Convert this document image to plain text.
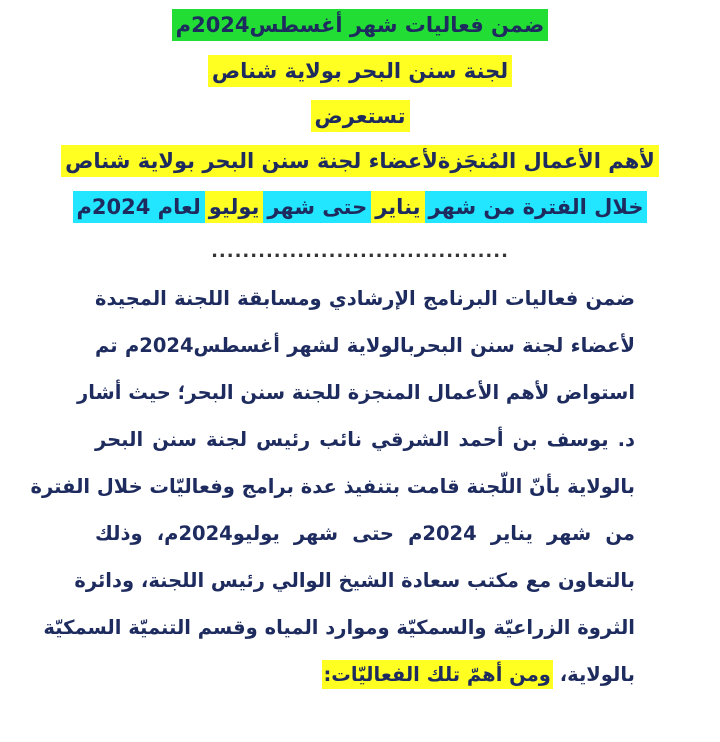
ضمن فعاليات شهر أغسطس2024م
لجنة سنن البحر بولاية شناص
تستعرض
لأهم الأعمال المُنجَزةلأعضاء لجنة سنن البحر بولاية شناص
خلال الفترة من شهرينايرحتى شهريوليولعام 2024م
......................................
ضمن فعاليات البرنامج الإرشادي ومسابقة اللجنة المجيدة
لأعضاء لجنة سنن البحربالولاية لشهر أغسطس2024م تم
استواض لأهم الأعمال المنجزة للجنة سنن البحر؛ حيث أشار
د. يوسف بن أحمد الشرقي نائب رئيس لجنة سنن البحر
بالولاية بأنّ اللّجنة قامت بتنفيذ عدة برامج وفعاليّات خلال الفترة
من شهر يناير 2024م حتى شهر يوليو2024م، وذلك
بالتعاون مع مكتب سعادة الشيخ الوالي رئيس اللجنة، ودائرة
الثروة الزراعيّة والسمكيّة وموارد المياه وقسم التنميّة السمكيّة
بالولاية، ومن أهمّ تلك الفعاليّات:
